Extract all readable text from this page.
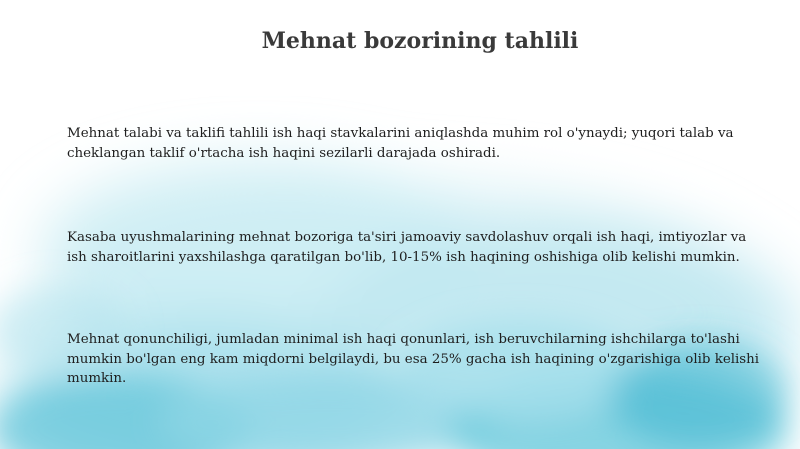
Mehnat bozorining tahlili

Mehnat talabi va taklifi tahlili ish haqi stavkalarini aniqlashda muhim rol o'ynaydi; yuqori talab va cheklangan taklif o'rtacha ish haqini sezilarli darajada oshiradi.

Kasaba uyushmalarining mehnat bozoriga ta'siri jamoaviy savdolashuv orqali ish haqi, imtiyozlar va ish sharoitlarini yaxshilashga qaratilgan bo'lib, 10-15% ish haqining oshishiga olib kelishi mumkin.

Mehnat qonunchiligi, jumladan minimal ish haqi qonunlari, ish beruvchilarning ishchilarga to'lashi mumkin bo'lgan eng kam miqdorni belgilaydi, bu esa 25% gacha ish haqining o'zgarishiga olib kelishi mumkin.
